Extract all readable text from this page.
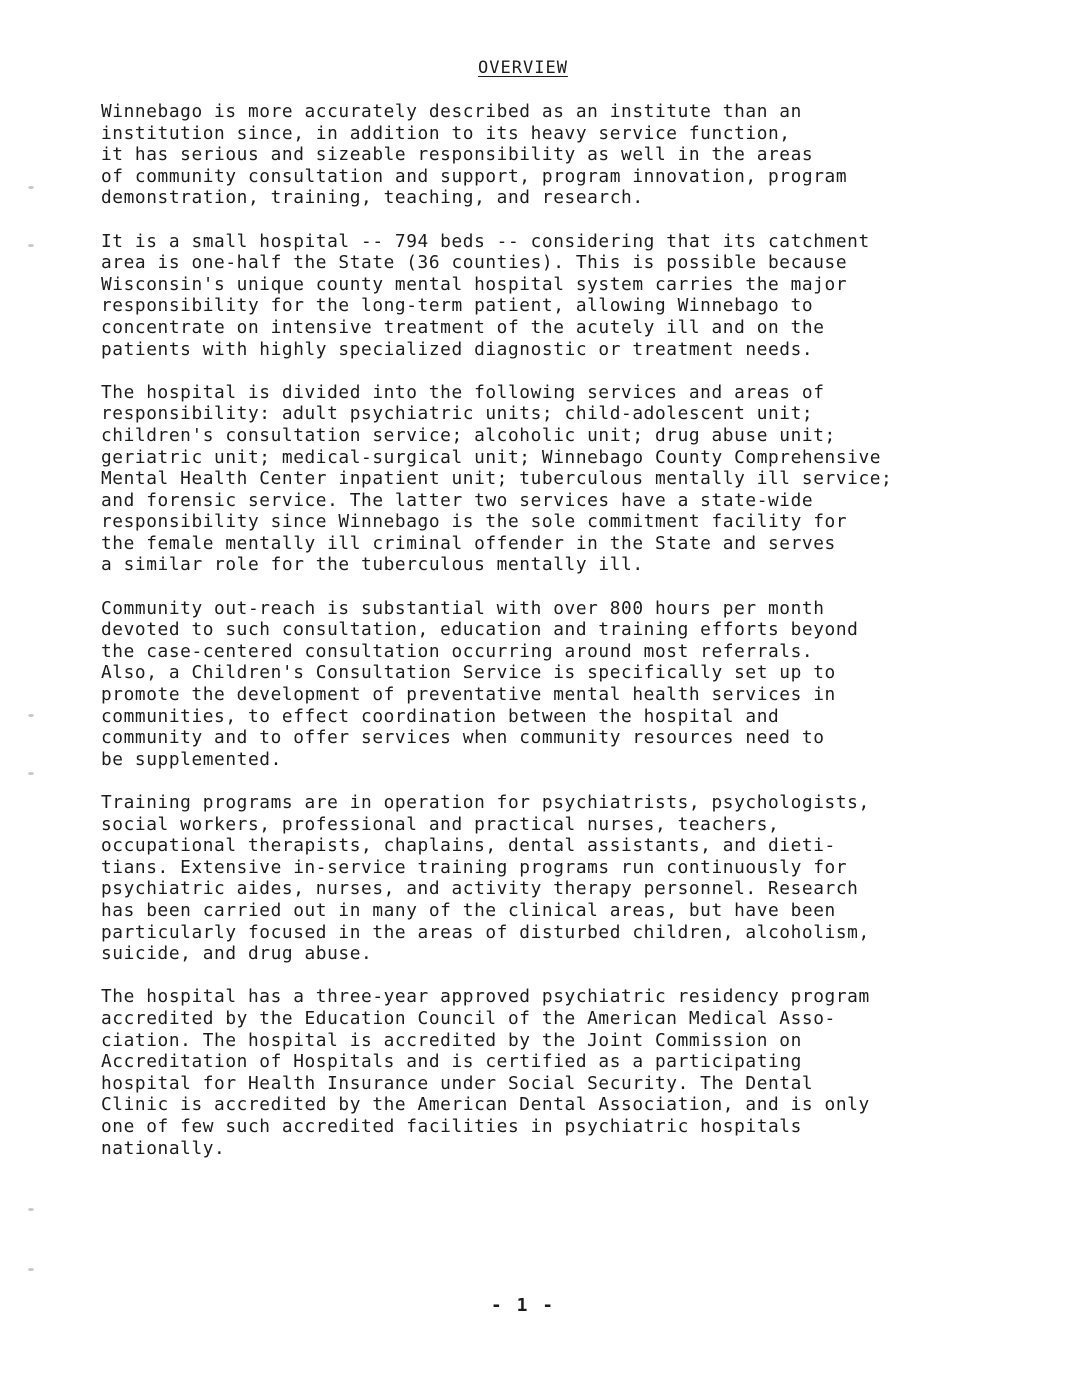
OVERVIEW
Winnebago is more accurately described as an institute than an
institution since, in addition to its heavy service function,
it has serious and sizeable responsibility as well in the areas
of community consultation and support, program innovation, program
demonstration, training, teaching, and research.
It is a small hospital -- 794 beds -- considering that its catchment
area is one-half the State (36 counties). This is possible because
Wisconsin's unique county mental hospital system carries the major
responsibility for the long-term patient, allowing Winnebago to
concentrate on intensive treatment of the acutely ill and on the
patients with highly specialized diagnostic or treatment needs.
The hospital is divided into the following services and areas of
responsibility: adult psychiatric units; child-adolescent unit;
children's consultation service; alcoholic unit; drug abuse unit;
geriatric unit; medical-surgical unit; Winnebago County Comprehensive
Mental Health Center inpatient unit; tuberculous mentally ill service;
and forensic service. The latter two services have a state-wide
responsibility since Winnebago is the sole commitment facility for
the female mentally ill criminal offender in the State and serves
a similar role for the tuberculous mentally ill.
Community out-reach is substantial with over 800 hours per month
devoted to such consultation, education and training efforts beyond
the case-centered consultation occurring around most referrals.
Also, a Children's Consultation Service is specifically set up to
promote the development of preventative mental health services in
communities, to effect coordination between the hospital and
community and to offer services when community resources need to
be supplemented.
Training programs are in operation for psychiatrists, psychologists,
social workers, professional and practical nurses, teachers,
occupational therapists, chaplains, dental assistants, and dieti-
tians. Extensive in-service training programs run continuously for
psychiatric aides, nurses, and activity therapy personnel. Research
has been carried out in many of the clinical areas, but have been
particularly focused in the areas of disturbed children, alcoholism,
suicide, and drug abuse.
The hospital has a three-year approved psychiatric residency program
accredited by the Education Council of the American Medical Asso-
ciation. The hospital is accredited by the Joint Commission on
Accreditation of Hospitals and is certified as a participating
hospital for Health Insurance under Social Security. The Dental
Clinic is accredited by the American Dental Association, and is only
one of few such accredited facilities in psychiatric hospitals
nationally.
- 1 -
